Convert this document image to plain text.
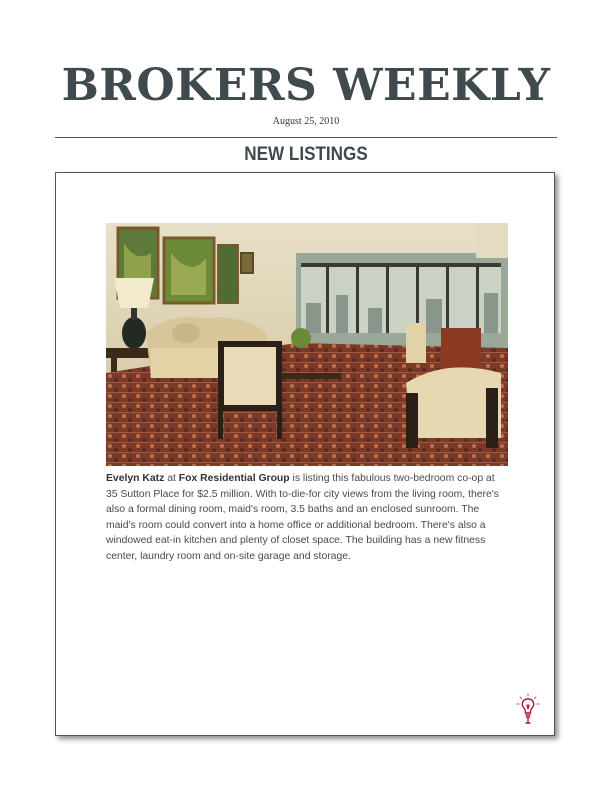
BROKERS WEEKLY
August 25, 2010
NEW LISTINGS
Evelyn Katz at Fox Residential Group is listing this fabulous two-bedroom co-op at 35 Sutton Place for $2.5 million. With to-die-for city views from the living room, there's also a formal dining room, maid's room, 3.5 baths and an enclosed sunroom. The maid's room could convert into a home office or additional bedroom. There's also a windowed eat-in kitchen and plenty of closet space. The building has a new fitness center, laundry room and on-site garage and storage.
